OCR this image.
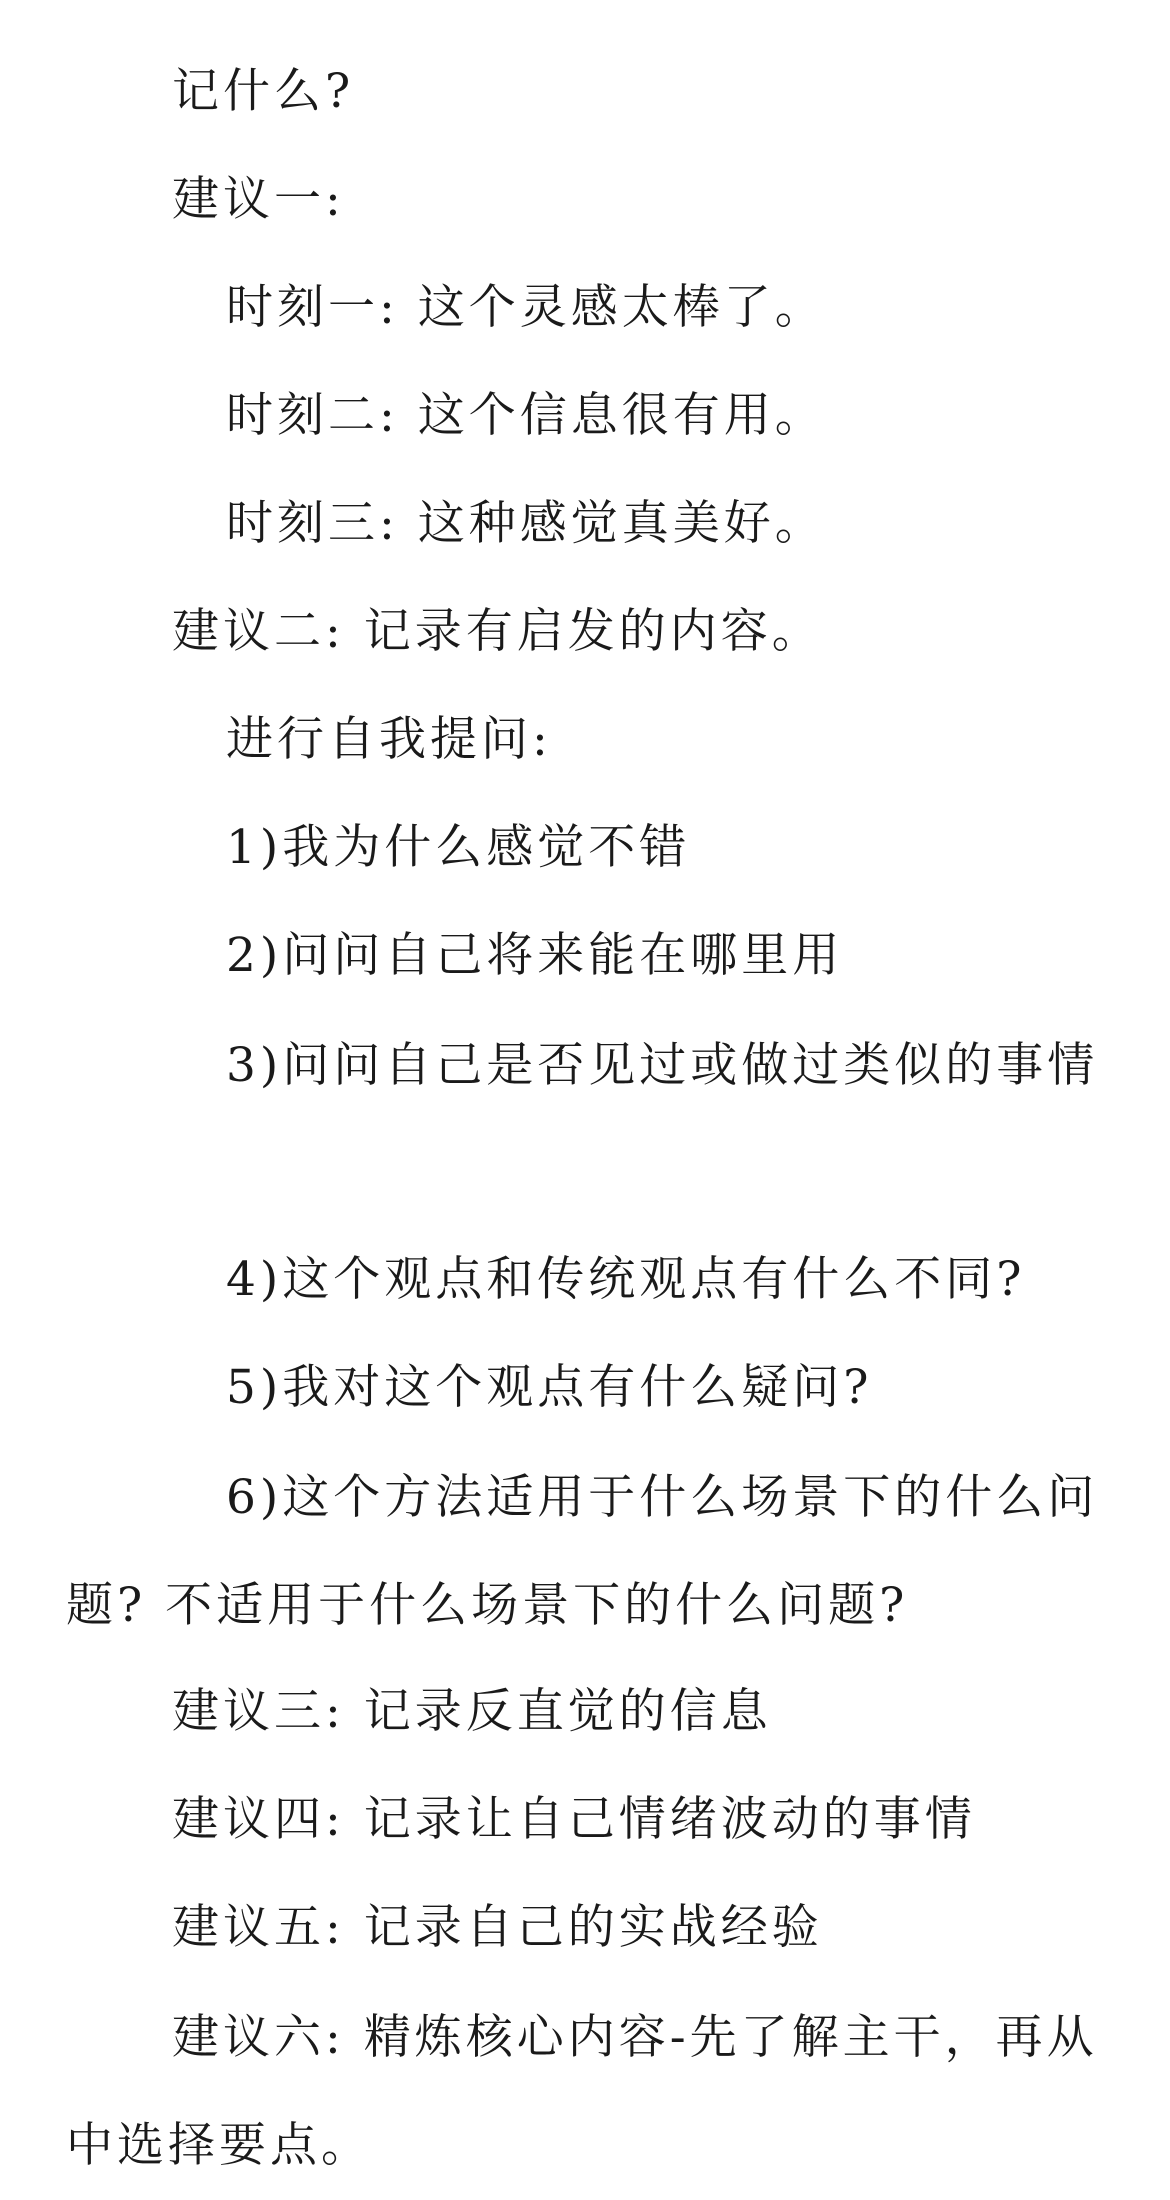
记什么?

建议一:

时刻一: 这个灵感太棒了。

时刻二: 这个信息很有用。

时刻三: 这种感觉真美好。

建议二: 记录有启发的内容。

进行自我提问:

1)我为什么感觉不错

2)问问自己将来能在哪里用

3)问问自己是否见过或做过类似的事情

4)这个观点和传统观点有什么不同?

5)我对这个观点有什么疑问?

6)这个方法适用于什么场景下的什么问题? 不适用于什么场景下的什么问题?

建议三: 记录反直觉的信息

建议四: 记录让自己情绪波动的事情

建议五: 记录自己的实战经验

建议六: 精炼核心内容-先了解主干，再从中选择要点。
